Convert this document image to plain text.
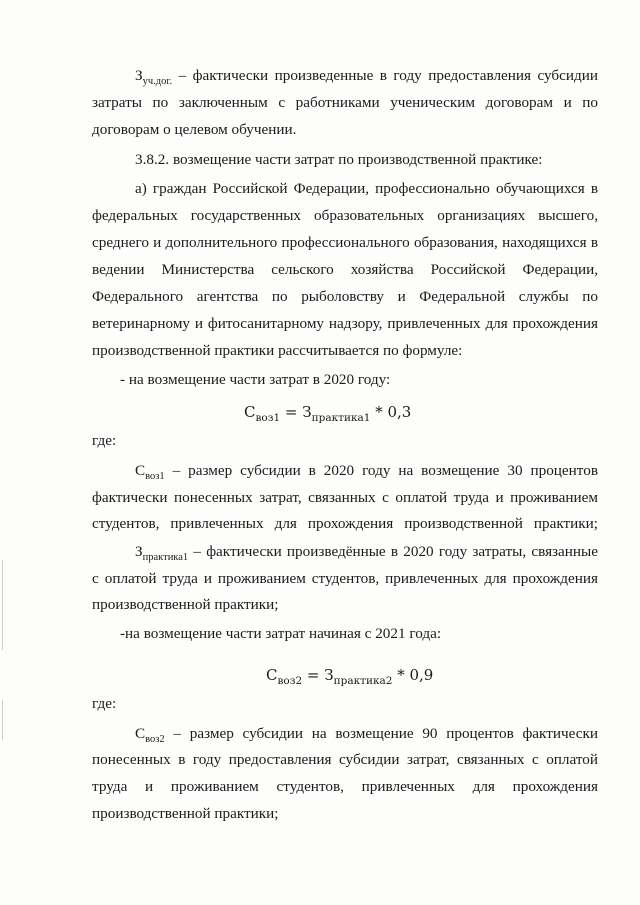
$З_{уч.дог.}$ – фактически произведенные в году предоставления субсидии
затраты по заключенным с работниками ученическим договорам и по
договорам о целевом обучении.
3.8.2. возмещение части затрат по производственной практике:
а) граждан Российской Федерации, профессионально обучающихся в
федеральных государственных образовательных организациях высшего,
среднего и дополнительного профессионального образования, находящихся в
ведении Министерства сельского хозяйства Российской Федерации,
Федерального агентства по рыболовству и Федеральной службы по
ветеринарному и фитосанитарному надзору, привлеченных для прохождения
производственной практики рассчитывается по формуле:
- на возмещение части затрат в 2020 году:
$С_{воз1} = З_{практика1} * 0,3$
где:
$С_{воз1}$ – размер субсидии в 2020 году на возмещение 30 процентов
фактически понесенных затрат, связанных с оплатой труда и проживанием
студентов, привлеченных для прохождения производственной практики;
$З_{практика1}$ – фактически произведённые в 2020 году затраты, связанные
с оплатой труда и проживанием студентов, привлеченных для прохождения
производственной практики;
-на возмещение части затрат начиная с 2021 года:
$С_{воз2} = З_{практика2} * 0,9$
где:
$С_{воз2}$ – размер субсидии на возмещение 90 процентов фактически
понесенных в году предоставления субсидии затрат, связанных с оплатой
труда и проживанием студентов, привлеченных для прохождения
производственной практики;
